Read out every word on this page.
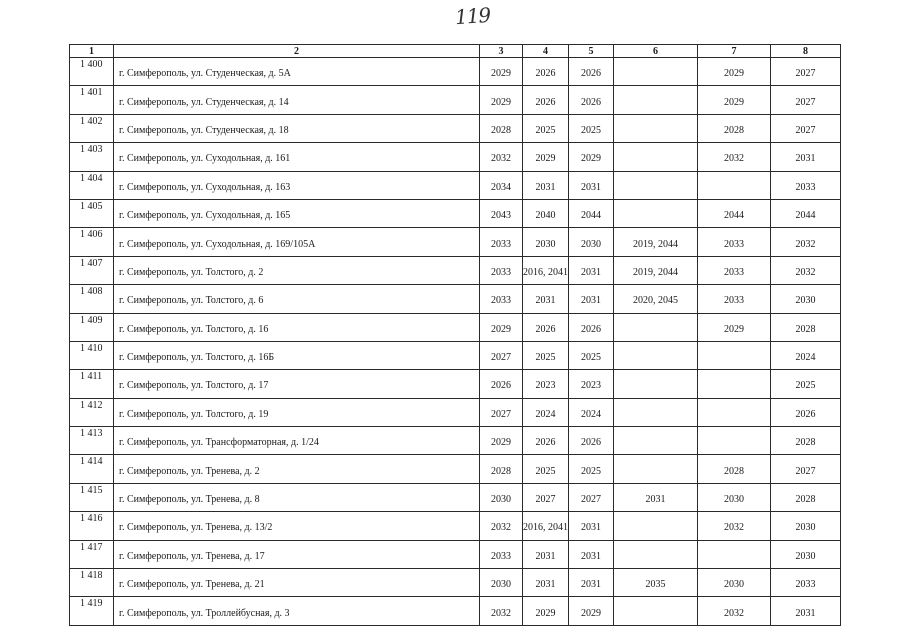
119
1	2	3	4	5	6	7	8
1 400	г. Симферополь, ул. Студенческая, д. 5А	2029	2026	2026		2029	2027
1 401	г. Симферополь, ул. Студенческая, д. 14	2029	2026	2026		2029	2027
1 402	г. Симферополь, ул. Студенческая, д. 18	2028	2025	2025		2028	2027
1 403	г. Симферополь, ул. Суходольная, д. 161	2032	2029	2029		2032	2031
1 404	г. Симферополь, ул. Суходольная, д. 163	2034	2031	2031			2033
1 405	г. Симферополь, ул. Суходольная, д. 165	2043	2040	2044		2044	2044
1 406	г. Симферополь, ул. Суходольная, д. 169/105А	2033	2030	2030	2019, 2044	2033	2032
1 407	г. Симферополь, ул. Толстого, д. 2	2033	2016, 2041	2031	2019, 2044	2033	2032
1 408	г. Симферополь, ул. Толстого, д. 6	2033	2031	2031	2020, 2045	2033	2030
1 409	г. Симферополь, ул. Толстого, д. 16	2029	2026	2026		2029	2028
1 410	г. Симферополь, ул. Толстого, д. 16Б	2027	2025	2025			2024
1 411	г. Симферополь, ул. Толстого, д. 17	2026	2023	2023			2025
1 412	г. Симферополь, ул. Толстого, д. 19	2027	2024	2024			2026
1 413	г. Симферополь, ул. Трансформаторная, д. 1/24	2029	2026	2026			2028
1 414	г. Симферополь, ул. Тренева, д. 2	2028	2025	2025		2028	2027
1 415	г. Симферополь, ул. Тренева, д. 8	2030	2027	2027	2031	2030	2028
1 416	г. Симферополь, ул. Тренева, д. 13/2	2032	2016, 2041	2031		2032	2030
1 417	г. Симферополь, ул. Тренева, д. 17	2033	2031	2031			2030
1 418	г. Симферополь, ул. Тренева, д. 21	2030	2031	2031	2035	2030	2033
1 419	г. Симферополь, ул. Троллейбусная, д. 3	2032	2029	2029		2032	2031
